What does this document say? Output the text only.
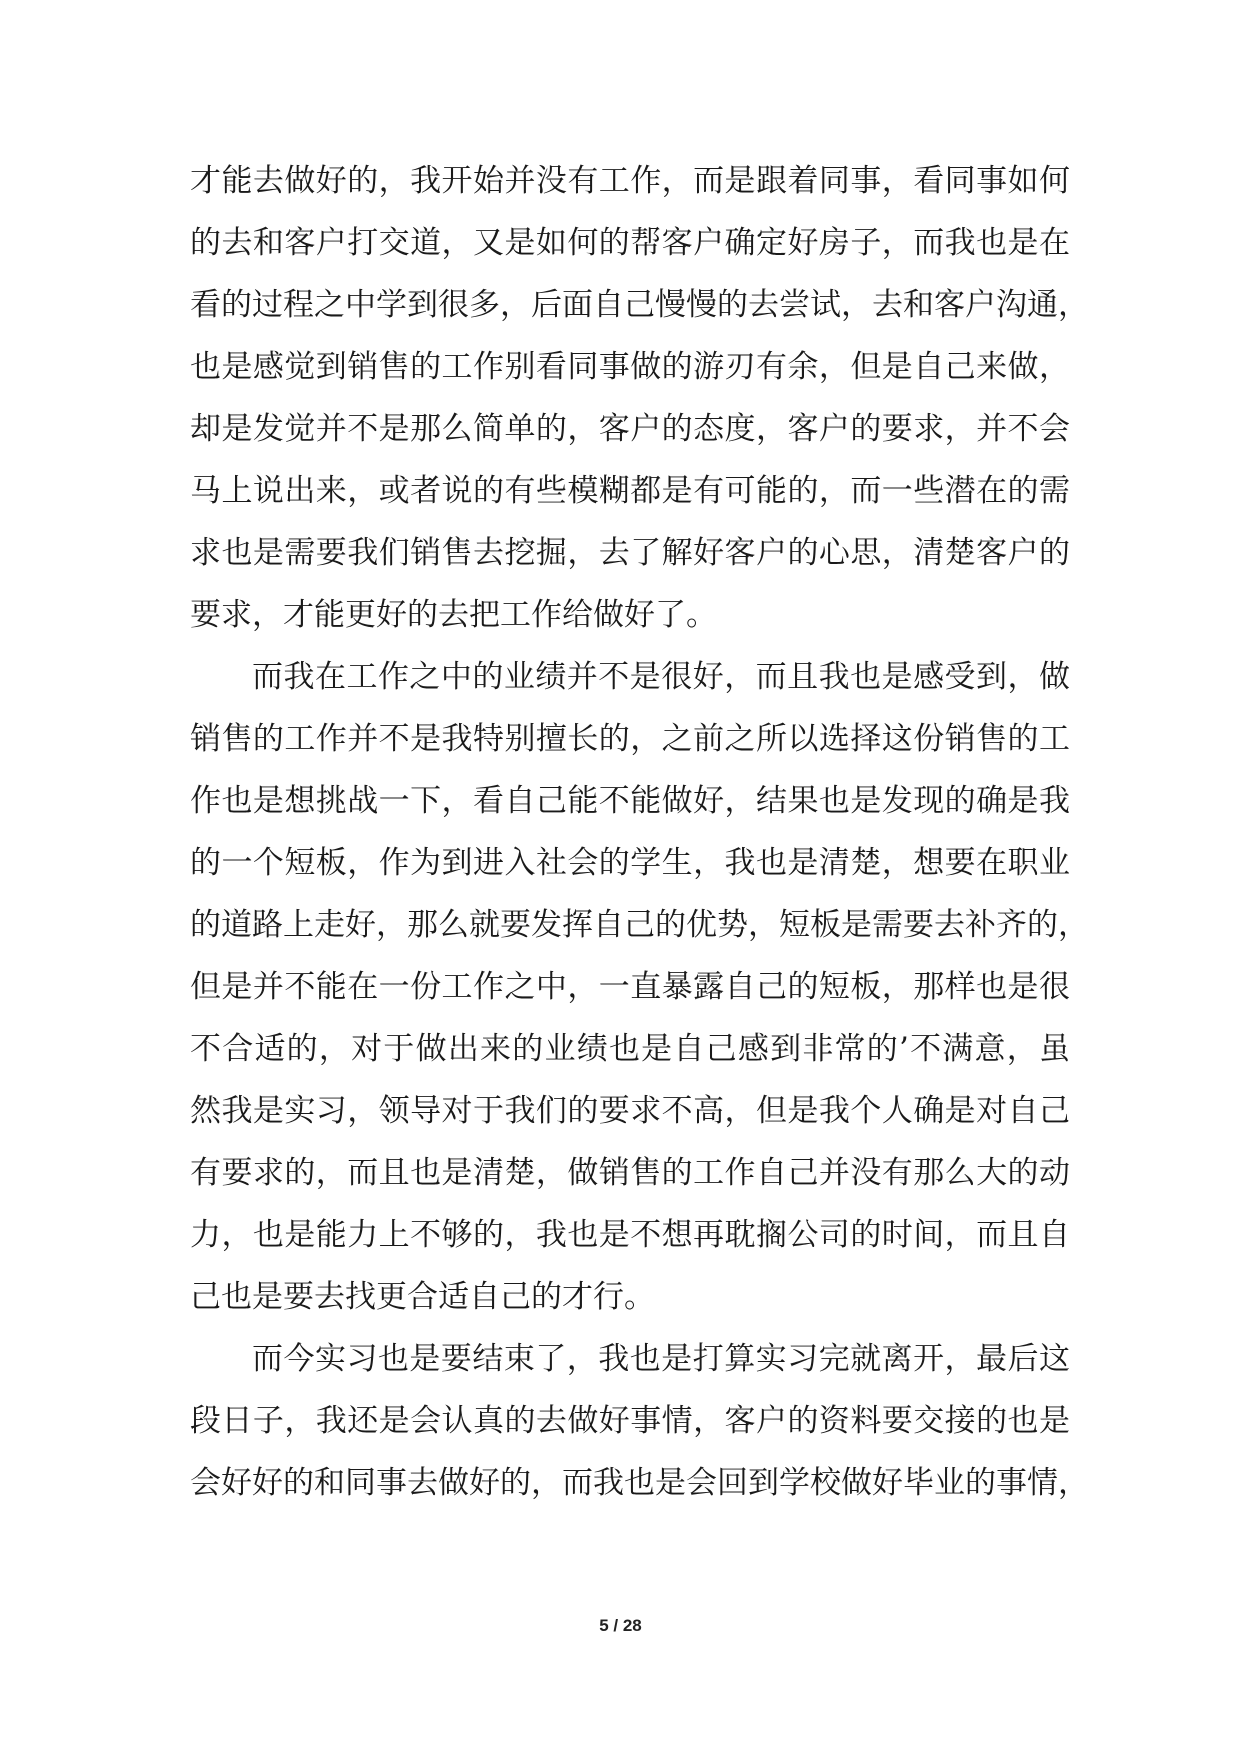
才能去做好的，我开始并没有工作，而是跟着同事，看同事如何
的去和客户打交道，又是如何的帮客户确定好房子，而我也是在
看的过程之中学到很多，后面自己慢慢的去尝试，去和客户沟通，
也是感觉到销售的工作别看同事做的游刃有余，但是自己来做，
却是发觉并不是那么简单的，客户的态度，客户的要求，并不会
马上说出来，或者说的有些模糊都是有可能的，而一些潜在的需
求也是需要我们销售去挖掘，去了解好客户的心思，清楚客户的
要求，才能更好的去把工作给做好了。
而我在工作之中的业绩并不是很好，而且我也是感受到，做
销售的工作并不是我特别擅长的，之前之所以选择这份销售的工
作也是想挑战一下，看自己能不能做好，结果也是发现的确是我
的一个短板，作为到进入社会的学生，我也是清楚，想要在职业
的道路上走好，那么就要发挥自己的优势，短板是需要去补齐的，
但是并不能在一份工作之中，一直暴露自己的短板，那样也是很
不合适的，对于做出来的业绩也是自己感到非常的’不满意，虽
然我是实习，领导对于我们的要求不高，但是我个人确是对自己
有要求的，而且也是清楚，做销售的工作自己并没有那么大的动
力，也是能力上不够的，我也是不想再耽搁公司的时间，而且自
己也是要去找更合适自己的才行。
而今实习也是要结束了，我也是打算实习完就离开，最后这
段日子，我还是会认真的去做好事情，客户的资料要交接的也是
会好好的和同事去做好的，而我也是会回到学校做好毕业的事情，
5 / 28
